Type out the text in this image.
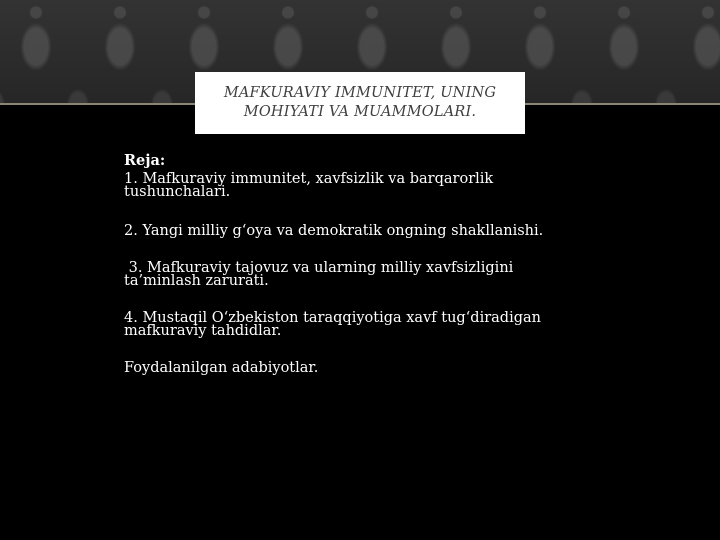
MAFKURAVIY IMMUNITET, UNING MOHIYATI VA MUAMMOLARI.

Reja:

1. Mafkuraviy immunitet, xavfsizlik va barqarorlik tushunchalari.

2. Yangi milliy g‘oya va demokratik ongning shakllanishi.

3. Mafkuraviy tajovuz va ularning milliy xavfsizligini ta’minlash zarurati.

4. Mustaqil O‘zbekiston taraqqiyotiga xavf tug‘diradigan mafkuraviy tahdidlar.

Foydalanilgan adabiyotlar.
